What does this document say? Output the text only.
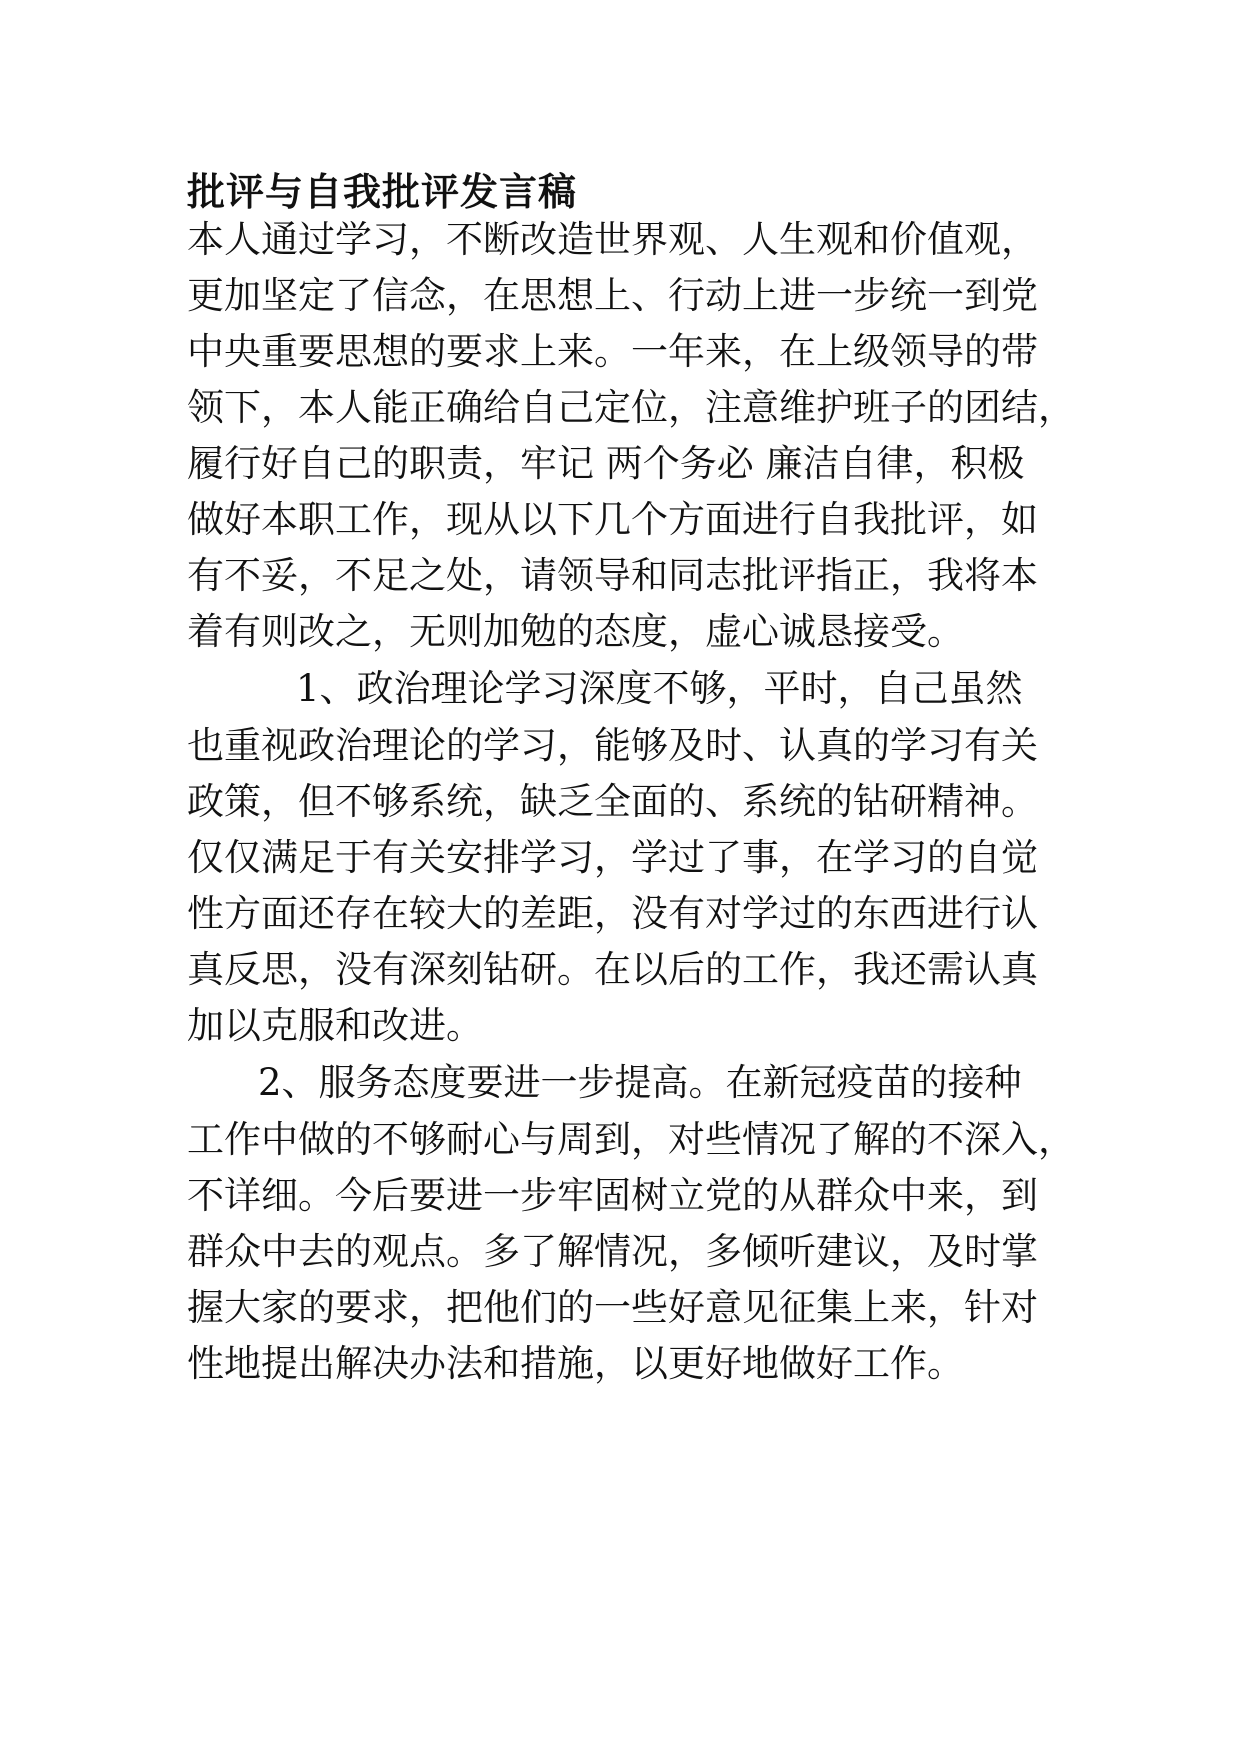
批评与自我批评发言稿

本人通过学习，不断改造世界观、人生观和价值观，

更加坚定了信念，在思想上、行动上进一步统一到党

中央重要思想的要求上来。一年来，在上级领导的带

领下，本人能正确给自己定位，注意维护班子的团结，

履行好自己的职责，牢记 两个务必 廉洁自律，积极

做好本职工作，现从以下几个方面进行自我批评，如

有不妥，不足之处，请领导和同志批评指正，我将本

着有则改之，无则加勉的态度，虚心诚恳接受。

1、政治理论学习深度不够，平时，自己虽然

也重视政治理论的学习，能够及时、认真的学习有关

政策，但不够系统，缺乏全面的、系统的钻研精神。

仅仅满足于有关安排学习，学过了事，在学习的自觉

性方面还存在较大的差距，没有对学过的东西进行认

真反思，没有深刻钻研。在以后的工作，我还需认真

加以克服和改进。

2、服务态度要进一步提高。在新冠疫苗的接种

工作中做的不够耐心与周到，对些情况了解的不深入，

不详细。今后要进一步牢固树立党的从群众中来，到

群众中去的观点。多了解情况，多倾听建议，及时掌

握大家的要求，把他们的一些好意见征集上来，针对

性地提出解决办法和措施，以更好地做好工作。
